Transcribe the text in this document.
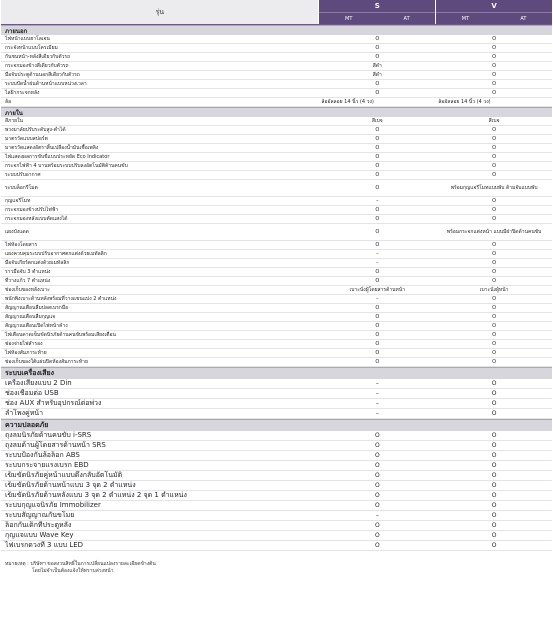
รุ่น
S
MT	AT
V
MT	AT
ภายนอก
ไฟหน้าแบบฮาโลเจน	O	O
กระจังหน้าแบบโครเมียม	O	O
กันชนหน้า-หลังสีเดียวกับตัวรถ	O	O
กระจกมองข้างสีเดียวกับตัวรถ	สีดำ	O
มือจับประตูด้านนอกสีเดียวกับตัวรถ	สีดำ	O
ระบบปัดน้ำฝนด้านหน้าแบบหน่วงเวลา	O	O
ไล่ฝ้ากระจกหลัง	O	O
ล้อ	ล้ออัลลอย 14 นิ้ว (4 วง)	ล้ออัลลอย 14 นิ้ว (4 วง)
ภายใน
สีภายใน	สีเบจ	สีเบจ
พวงมาลัยปรับระดับสูง-ต่ำได้	O	O
มาตรวัดแบบสปอร์ต	O	O
มาตรวัดแสดงอัตราสิ้นเปลืองน้ำมันเชื้อเพลิง	O	O
ไฟแสดงผลการขับขี่แบบประหยัด Eco Indicator	O	O
กระจกไฟฟ้า 4 บานพร้อมระบบปรับลงอัตโนมัติด้านคนขับ	O	O
ระบบปรับอากาศ	O	O
ระบบล็อกรีโมต	O	พร้อมกุญแจรีโมทแบบพับ ด้ามจับแบบพับ
กุญแจรีโมท	–	O
กระจกมองข้างปรับไฟฟ้า	O	O
กระจกมองหลังแบบตัดแสงได้	O	O
แผงบังแดด	O	พร้อมกระจกแต่งหน้า แบบมีฝาปิดด้านคนขับ
ไฟห้องโดยสาร	O	O
แผงควบคุมระบบปรับอากาศตกแต่งด้วยเมทัลลิก	–	O
มือจับเกียร์ตกแต่งด้วยเมทัลลิก	–	O
ราวมือจับ 3 ตำแหน่ง	O	O
ที่วางแก้ว 7 ตำแหน่ง	O	O
ช่องเก็บของหลังเบาะ	เบาะนั่งผู้โดยสารด้านหน้า	เบาะนั่งผู้หน้า
พนักพิงเบาะด้านหลังพร้อมที่วางแขนแบ่ง 2 ตำแหน่ง	–	O
สัญญาณเตือนลืมปลดเบรกมือ	O	O
สัญญาณเตือนลืมกุญแจ	O	O
สัญญาณเตือนเปิดไฟหน้าค้าง	O	O
ไฟเตือนคาดเข็มขัดนิรภัยด้านคนขับพร้อมเสียงเตือน	O	O
ช่องจ่ายไฟสำรอง	O	O
ไฟห้องสัมภาระท้าย	O	O
ช่องเก็บของใต้แผ่นปิดห้องสัมภาระท้าย	O	O
ระบบเครื่องเสียง
เครื่องเสียงแบบ 2 Din	–	O
ช่องเชื่อมต่อ USB	–	O
ช่อง AUX สำหรับอุปกรณ์ต่อพ่วง	–	O
ลำโพงคู่หน้า	–	O
ความปลอดภัย
ถุงลมนิรภัยด้านคนขับ i-SRS	O	O
ถุงลมด้านผู้โดยสารด้านหน้า SRS	O	O
ระบบป้องกันล้อล็อก ABS	O	O
ระบบกระจายแรงเบรก EBD	O	O
เข็มขัดนิรภัยคู่หน้าแบบดึงกลับอัตโนมัติ	O	O
เข็มขัดนิรภัยด้านหน้าแบบ 3 จุด 2 ตำแหน่ง	O	O
เข็มขัดนิรภัยด้านหลังแบบ 3 จุด 2 ตำแหน่ง 2 จุด 1 ตำแหน่ง	O	O
ระบบกุญแจนิรภัย Immobilizer	O	O
ระบบสัญญาณกันขโมย	–	O
ล็อกกันเด็กที่ประตูหลัง	O	O
กุญแจแบบ Wave Key	O	O
ไฟเบรกดวงที่ 3 แบบ LED	O	O
หมายเหตุ : บริษัทฯ ขอสงวนสิทธิ์ในการเปลี่ยนแปลงรายละเอียดข้างต้น
โดยไม่จำเป็นต้องแจ้งให้ทราบล่วงหน้า
